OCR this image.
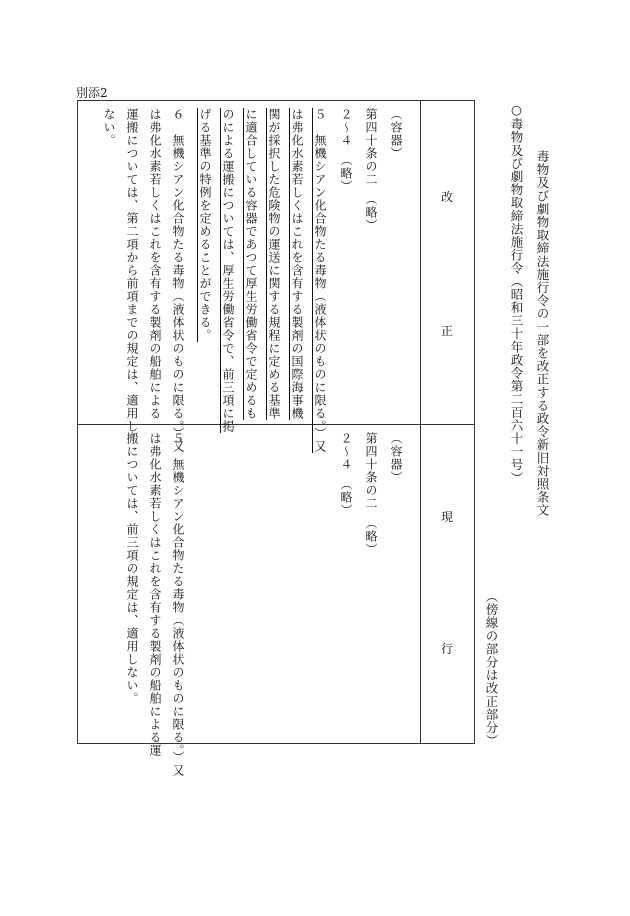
毒物及び劇物取締法施行令の一部を改正する政令新旧対照条文
○毒物及び劇物取締法施行令（昭和三十年政令第二百六十一号）
（傍線の部分は改正部分）
別添2
改
正
現
行
（容器）
第四十条の二　（略）
２～４　（略）
５　無機シアン化合物たる毒物（液体状のものに限る。）又
は弗化水素若しくはこれを含有する製剤の国際海事機
関が採択した危険物の運送に関する規程に定める基準
に適合している容器であつて厚生労働省令で定めるも
のによる運搬については、厚生労働省令で、前三項に掲
げる基準の特例を定めることができる。
６　無機シアン化合物たる毒物（液体状のものに限る。）又
は弗化水素若しくはこれを含有する製剤の船舶による
運搬については、第二項から前項までの規定は、適用し
ない。
（容器）
第四十条の二　（略）
２～４　（略）
５　無機シアン化合物たる毒物（液体状のものに限る。）又
は弗化水素若しくはこれを含有する製剤の船舶による運
搬については、前三項の規定は、適用しない。
